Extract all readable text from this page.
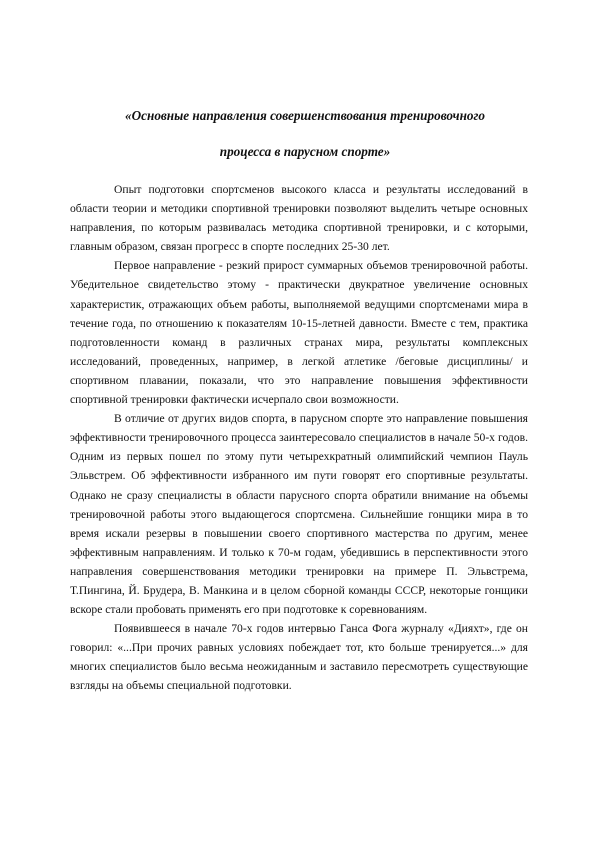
«Основные направления совершенствования тренировочного
процесса в парусном спорте»

Опыт подготовки спортсменов высокого класса и результаты исследований в области теории и методики спортивной тренировки позволяют выделить четыре основных направления, по которым развивалась методика спортивной тренировки, и с которыми, главным образом, связан прогресс в спорте последних 25-30 лет.

Первое направление - резкий прирост суммарных объемов тренировочной работы. Убедительное свидетельство этому - практически двукратное увеличение основных характеристик, отражающих объем работы, выполняемой ведущими спортсменами мира в течение года, по отношению к показателям 10-15-летней давности. Вместе с тем, практика подготовленности команд в различных странах мира, результаты комплексных исследований, проведенных, например, в легкой атлетике /беговые дисциплины/ и спортивном плавании, показали, что это направление повышения эффективности спортивной тренировки фактически исчерпало свои возможности.

В отличие от других видов спорта, в парусном спорте это направление повышения эффективности тренировочного процесса заинтересовало специалистов в начале 50-х годов. Одним из первых пошел по этому пути четырехкратный олимпийский чемпион Пауль Эльвстрем. Об эффективности избранного им пути говорят его спортивные результаты. Однако не сразу специалисты в области парусного спорта обратили внимание на объемы тренировочной работы этого выдающегося спортсмена. Сильнейшие гонщики мира в то время искали резервы в повышении своего спортивного мастерства по другим, менее эффективным направлениям. И только к 70-м годам, убедившись в перспективности этого направления совершенствования методики тренировки на примере П. Эльвстрема, Т.Пингина, Й. Брудера, В. Манкина и в целом сборной команды СССР, некоторые гонщики вскоре стали пробовать применять его при подготовке к соревнованиям.

Появившееся в начале 70-х годов интервью Ганса Фога журналу «Дияхт», где он говорил: «...При прочих равных условиях побеждает тот, кто больше тренируется...» для многих специалистов было весьма неожиданным и заставило пересмотреть существующие взгляды на объемы специальной подготовки.
